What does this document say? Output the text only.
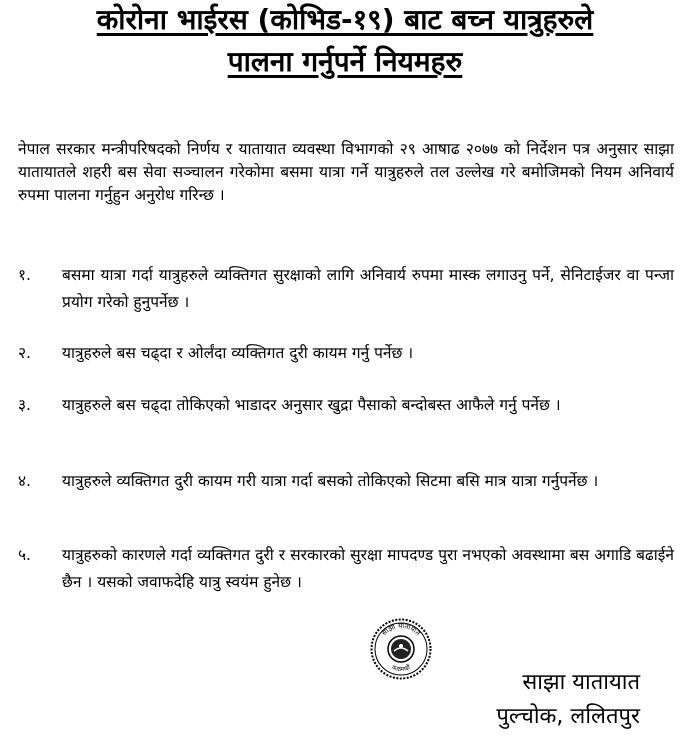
कोरोना भाईरस (कोभिड-१९) बाट बच्न यात्रुहरुले
पालना गर्नुपर्ने नियमहरु
नेपाल सरकार मन्त्रीपरिषदको निर्णय र यातायात व्यवस्था विभागको २९ आषाढ २०७७ को निर्देशन पत्र अनुसार साझा यातायातले शहरी बस सेवा सञ्चालन गरेकोमा बसमा यात्रा गर्ने यात्रुहरुले तल उल्लेख गरे बमोजिमको नियम अनिवार्य रुपमा पालना गर्नुहुन अनुरोध गरिन्छ ।
१.	बसमा यात्रा गर्दा यात्रुहरुले व्यक्तिगत सुरक्षाको लागि अनिवार्य रुपमा मास्क लगाउनु पर्ने, सेनिटाईजर वा पन्जा प्रयोग गरेको हुनुपर्नेछ ।
२.	यात्रुहरुले बस चढ्दा र ओर्लंदा व्यक्तिगत दुरी कायम गर्नु पर्नेछ ।
३.	यात्रुहरुले बस चढ्दा तोकिएको भाडादर अनुसार खुद्रा पैसाको बन्दोबस्त आफैले गर्नु पर्नेछ ।
४.	यात्रुहरुले व्यक्तिगत दुरी कायम गरी यात्रा गर्दा बसको तोकिएको सिटमा बसि मात्र यात्रा गर्नुपर्नेछ ।
५.	यात्रुहरुको कारणले गर्दा व्यक्तिगत दुरी र सरकारको सुरक्षा मापदण्ड पुरा नभएको अवस्थामा बस अगाडि बढाईने छैन । यसको जवाफदेहि यात्रु स्वयंम हुनेछ ।
साझा यातायात
काठमाडौं
साझा यातायात
पुल्चोक, ललितपुर
